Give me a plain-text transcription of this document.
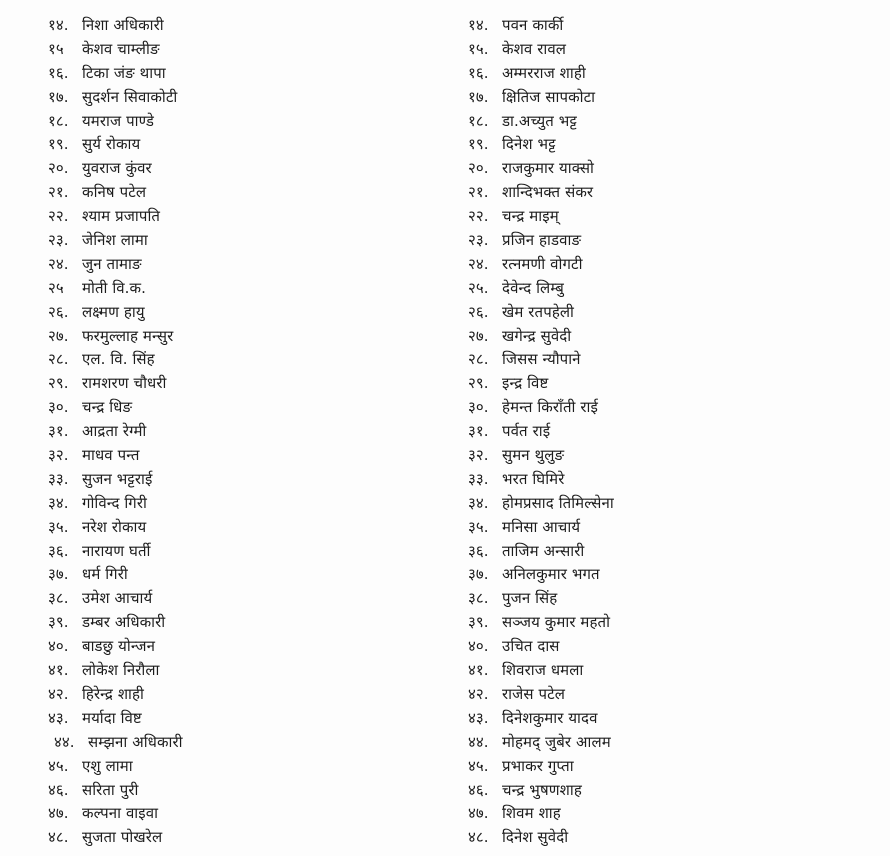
१४. निशा अधिकारी
१५ केशव चाम्लीङ
१६. टिका जंङ थापा
१७. सुदर्शन सिवाकोटी
१८. यमराज पाण्डे
१९. सुर्य रोकाय
२०. युवराज कुंवर
२१. कनिष पटेल
२२. श्याम प्रजापति
२३. जेनिश लामा
२४. जुन तामाङ
२५ मोती वि.क.
२६. लक्ष्मण हायु
२७. फरमुल्लाह मन्सुर
२८. एल. वि. सिंह
२९. रामशरण चौधरी
३०. चन्द्र धिङ
३१. आद्रता रेग्मी
३२. माधव पन्त
३३. सुजन भट्टराई
३४. गोविन्द गिरी
३५. नरेश रोकाय
३६. नारायण घर्ती
३७. धर्म गिरी
३८. उमेश आचार्य
३९. डम्बर अधिकारी
४०. बाडछु योन्जन
४१. लोकेश निरौला
४२. हिरेन्द्र शाही
४३. मर्यादा विष्ट
४४. सम्झना अधिकारी
४५. एशु लामा
४६. सरिता पुरी
४७. कल्पना वाइवा
४८. सुजता पोखरेल
१४. पवन कार्की
१५. केशव रावल
१६. अम्मरराज शाही
१७. क्षितिज सापकोटा
१८. डा.अच्युत भट्ट
१९. दिनेश भट्ट
२०. राजकुमार याक्सो
२१. शान्दिभक्त संकर
२२. चन्द्र माइम्
२३. प्रजिन हाडवाङ
२४. रत्नमणी वोगटी
२५. देवेन्द लिम्बु
२६. खेम रतपहेली
२७. खगेन्द्र सुवेदी
२८. जिसस न्यौपाने
२९. इन्द्र विष्ट
३०. हेमन्त किराँती राई
३१. पर्वत राई
३२. सुमन थुलुङ
३३. भरत घिमिरे
३४. होमप्रसाद तिमिल्सेना
३५. मनिसा आचार्य
३६. ताजिम अन्सारी
३७. अनिलकुमार भगत
३८. पुजन सिंह
३९. सञ्जय कुमार महतो
४०. उचित दास
४१. शिवराज धमला
४२. राजेस पटेल
४३. दिनेशकुमार यादव
४४. मोहमद् जुबेर आलम
४५. प्रभाकर गुप्ता
४६. चन्द्र भुषणशाह
४७. शिवम शाह
४८. दिनेश सुवेदी
